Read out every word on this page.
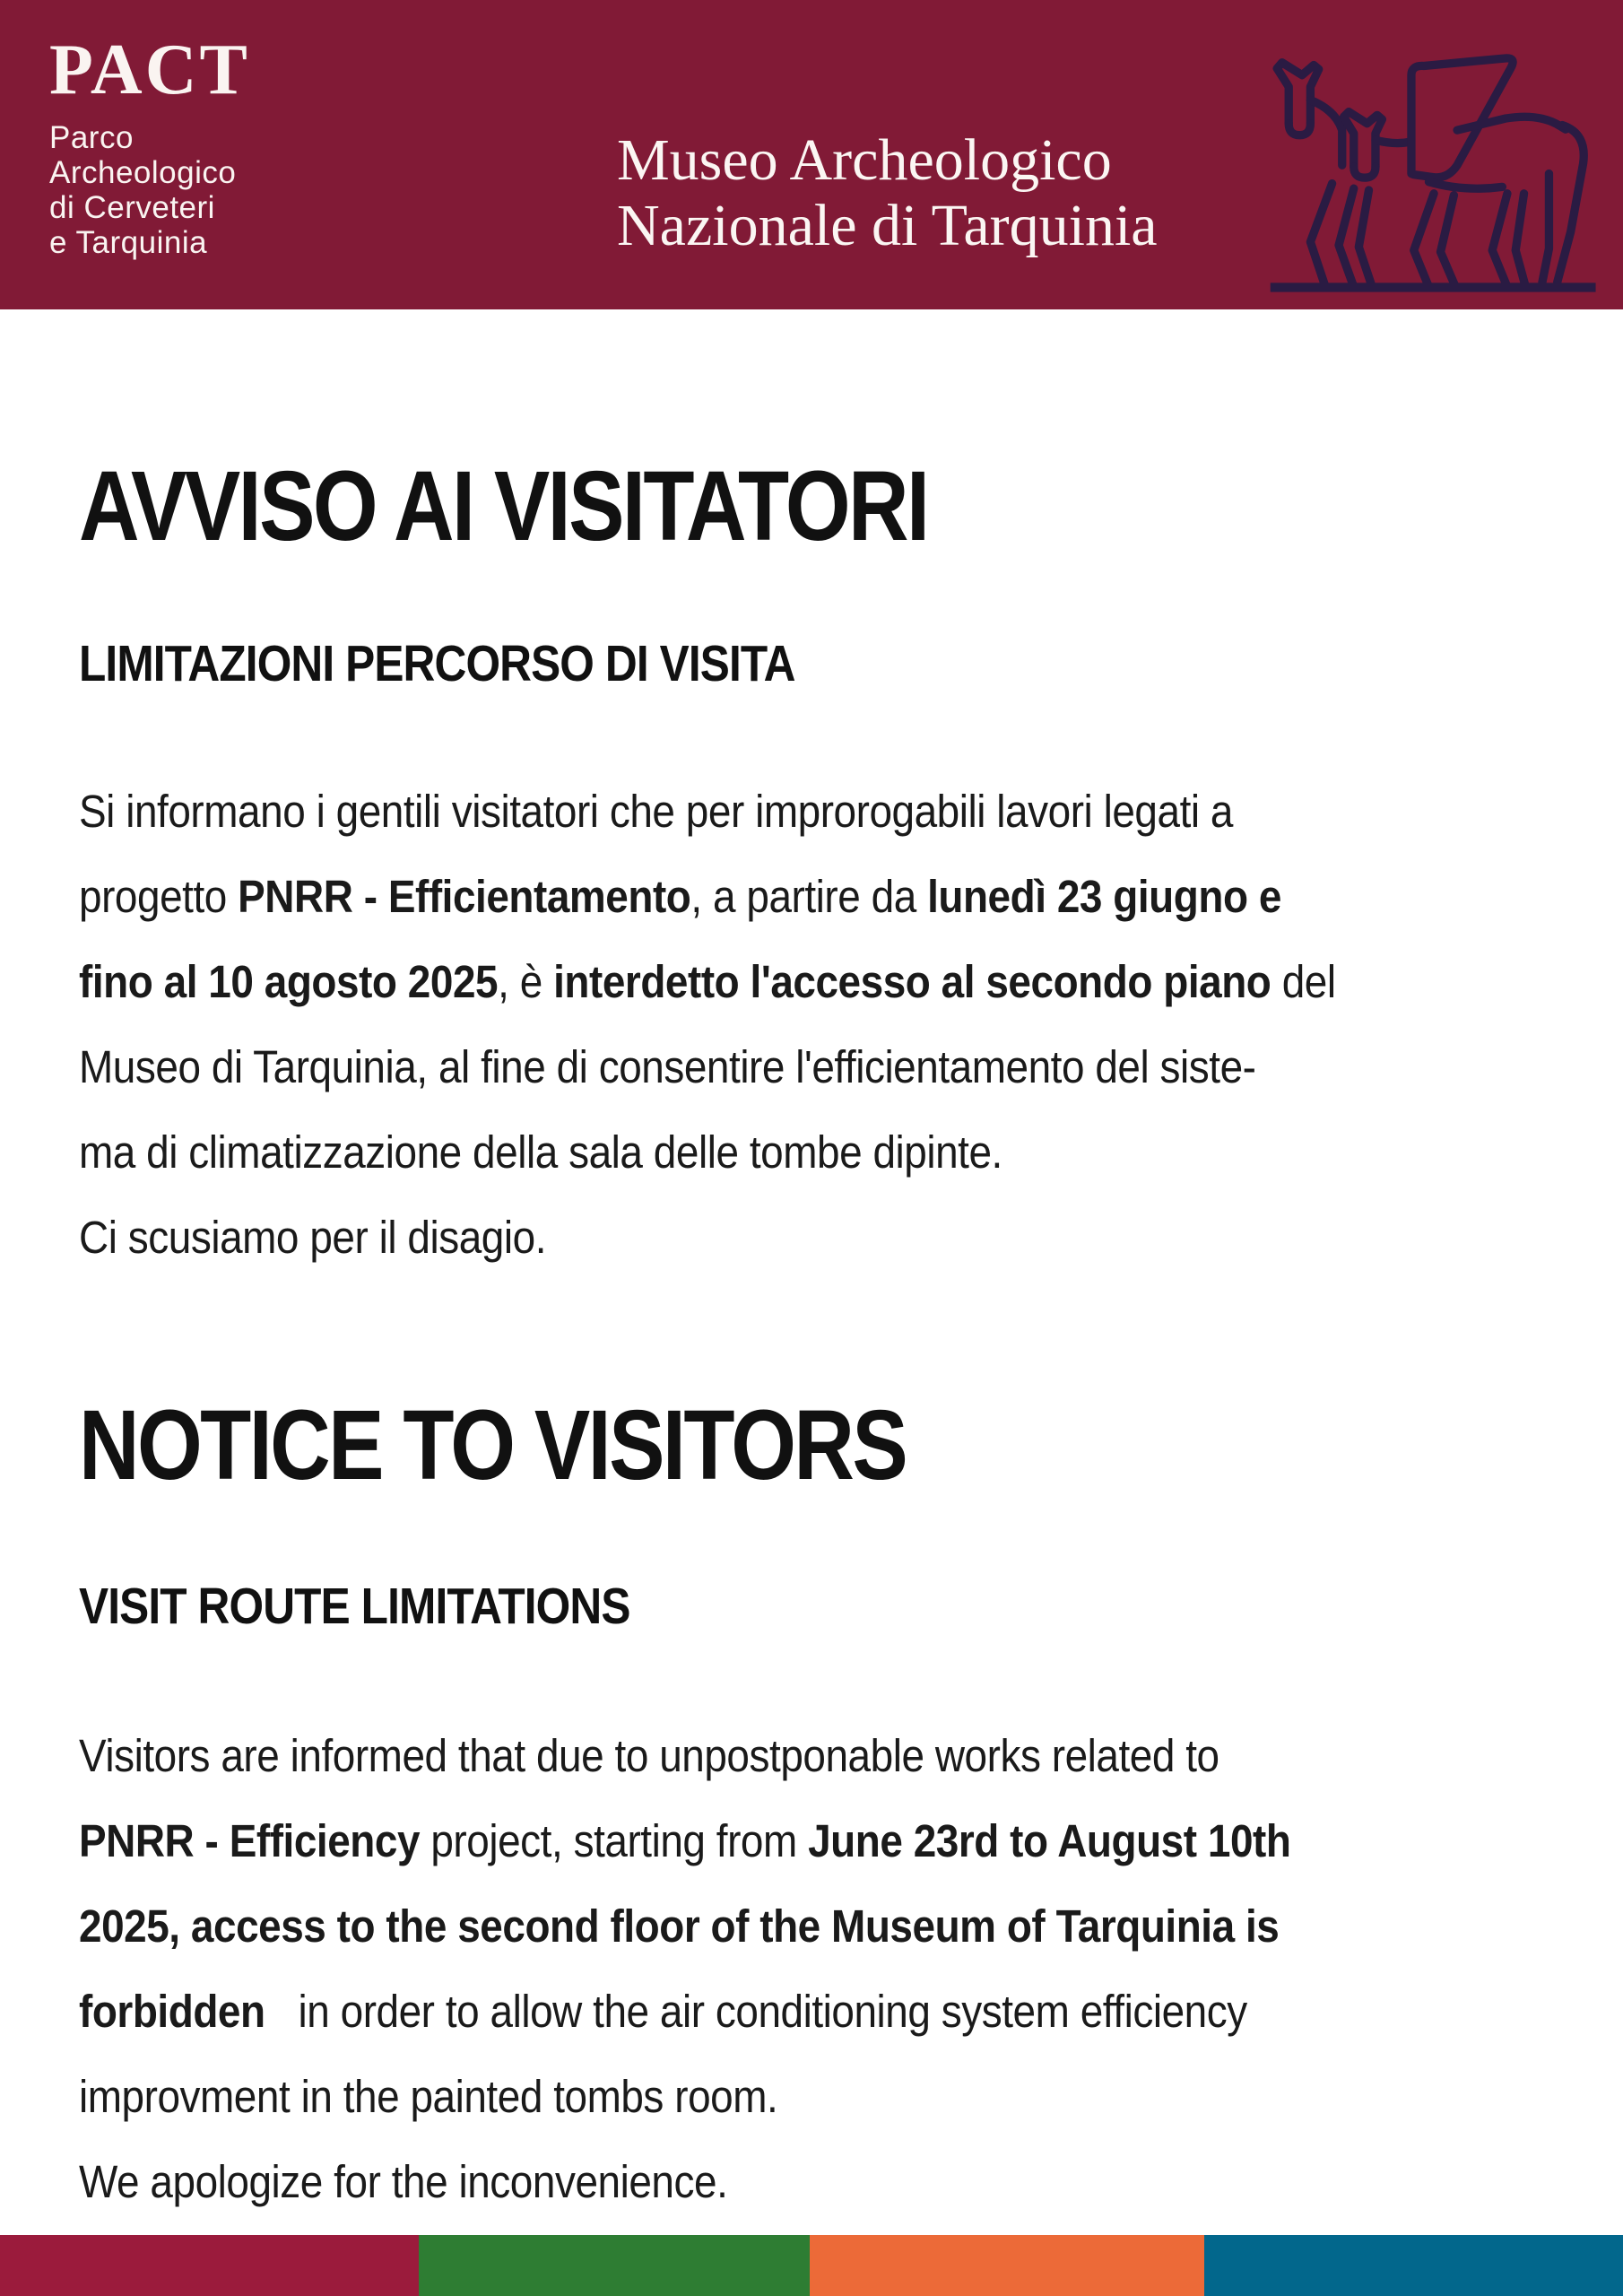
PACT
Parco
Archeologico
di Cerveteri
e Tarquinia
Museo Archeologico
Nazionale di Tarquinia
AVVISO AI VISITATORI
LIMITAZIONI PERCORSO DI VISITA
Si informano i gentili visitatori che per improrogabili lavori legati a
progetto PNRR - Efficientamento, a partire da lunedì 23 giugno e
fino al 10 agosto 2025, è interdetto l'accesso al secondo piano del
Museo di Tarquinia, al fine di consentire l'efficientamento del siste-
ma di climatizzazione della sala delle tombe dipinte.
Ci scusiamo per il disagio.
NOTICE TO VISITORS
VISIT ROUTE LIMITATIONS
Visitors are informed that due to unpostponable works related to
PNRR - Efficiency project, starting from June 23rd to August 10th
2025, access to the second floor of the Museum of Tarquinia is
forbidden   in order to allow the air conditioning system efficiency
improvment in the painted tombs room.
We apologize for the inconvenience.
